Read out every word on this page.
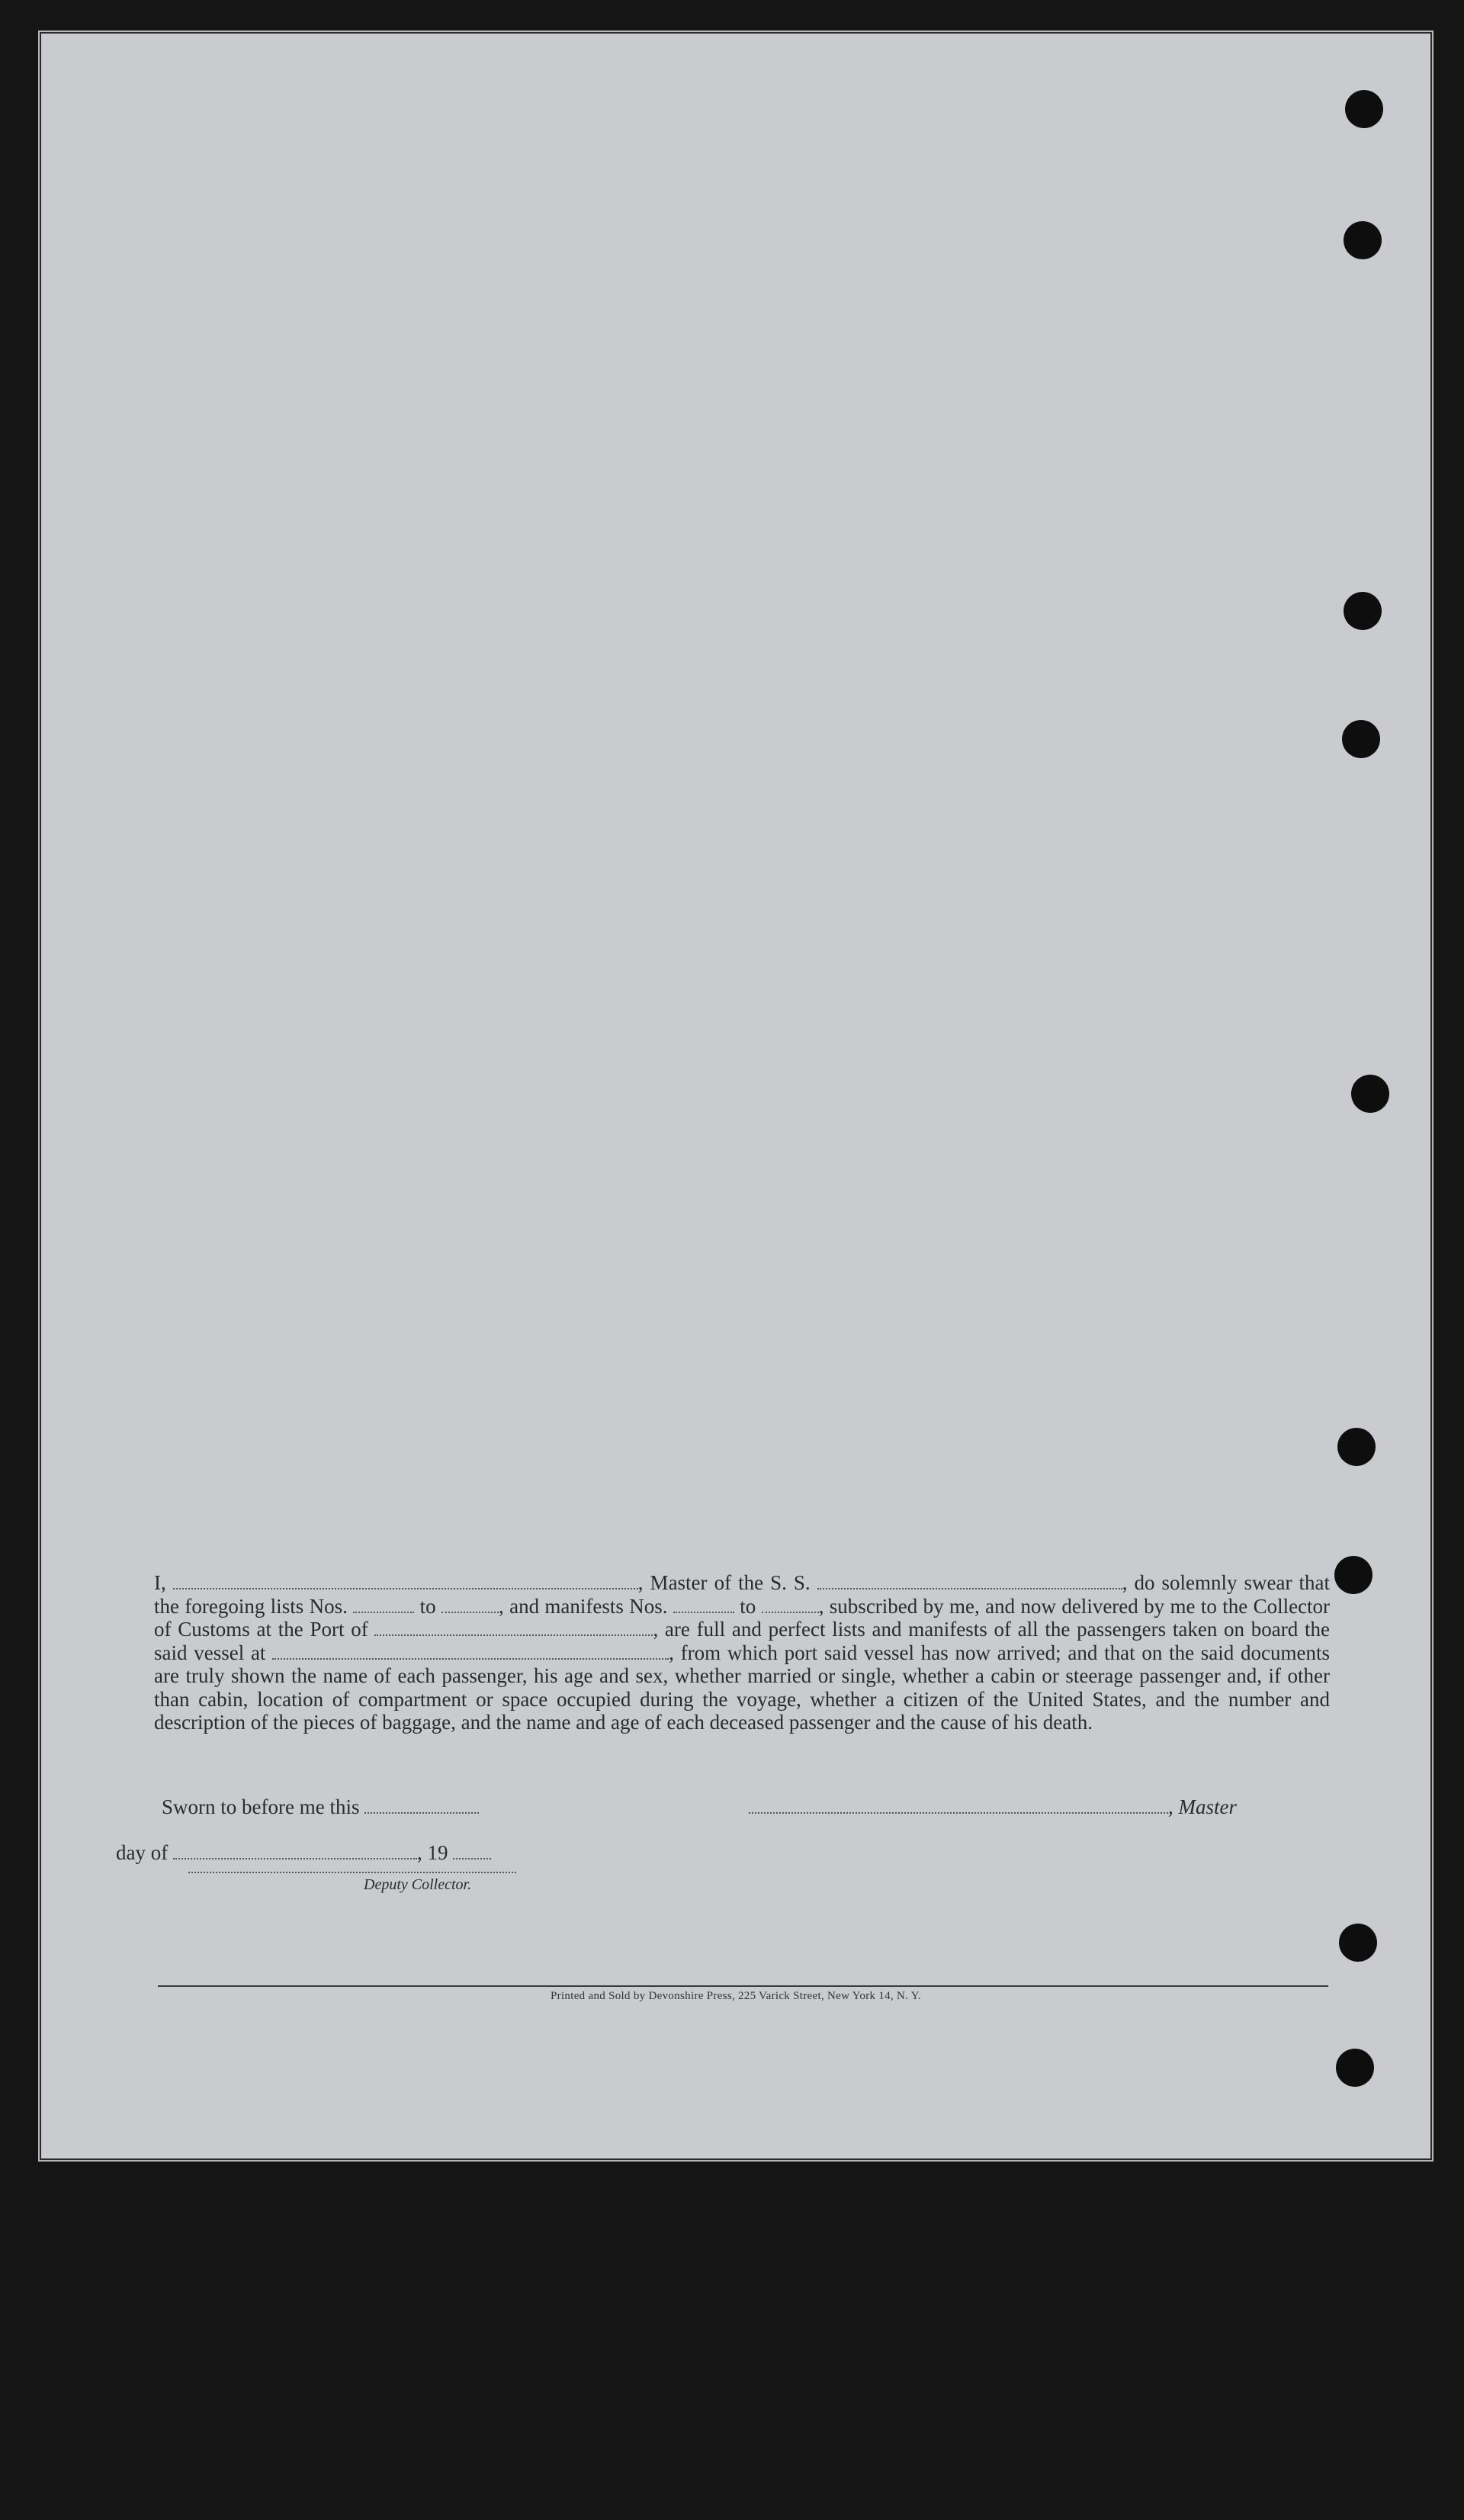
I,	, Master of the S. S.	, do solemnly swear that the foregoing lists Nos.	to	, and manifests Nos.	to	, subscribed by me, and now delivered by me to the Collector of Customs at the Port of	, are full and perfect lists and manifests of all the passengers taken on board the said vessel at	, from which port said vessel has now arrived; and that on the said documents are truly shown the name of each passenger, his age and sex, whether married or single, whether a cabin or steerage passenger and, if other than cabin, location of compartment or space occupied during the voyage, whether a citizen of the United States, and the number and description of the pieces of baggage, and the name and age of each deceased passenger and the cause of his death.

Sworn to before me this	, Master
day of	, 19
Deputy Collector.
Printed and Sold by Devonshire Press, 225 Varick Street, New York 14, N. Y.
